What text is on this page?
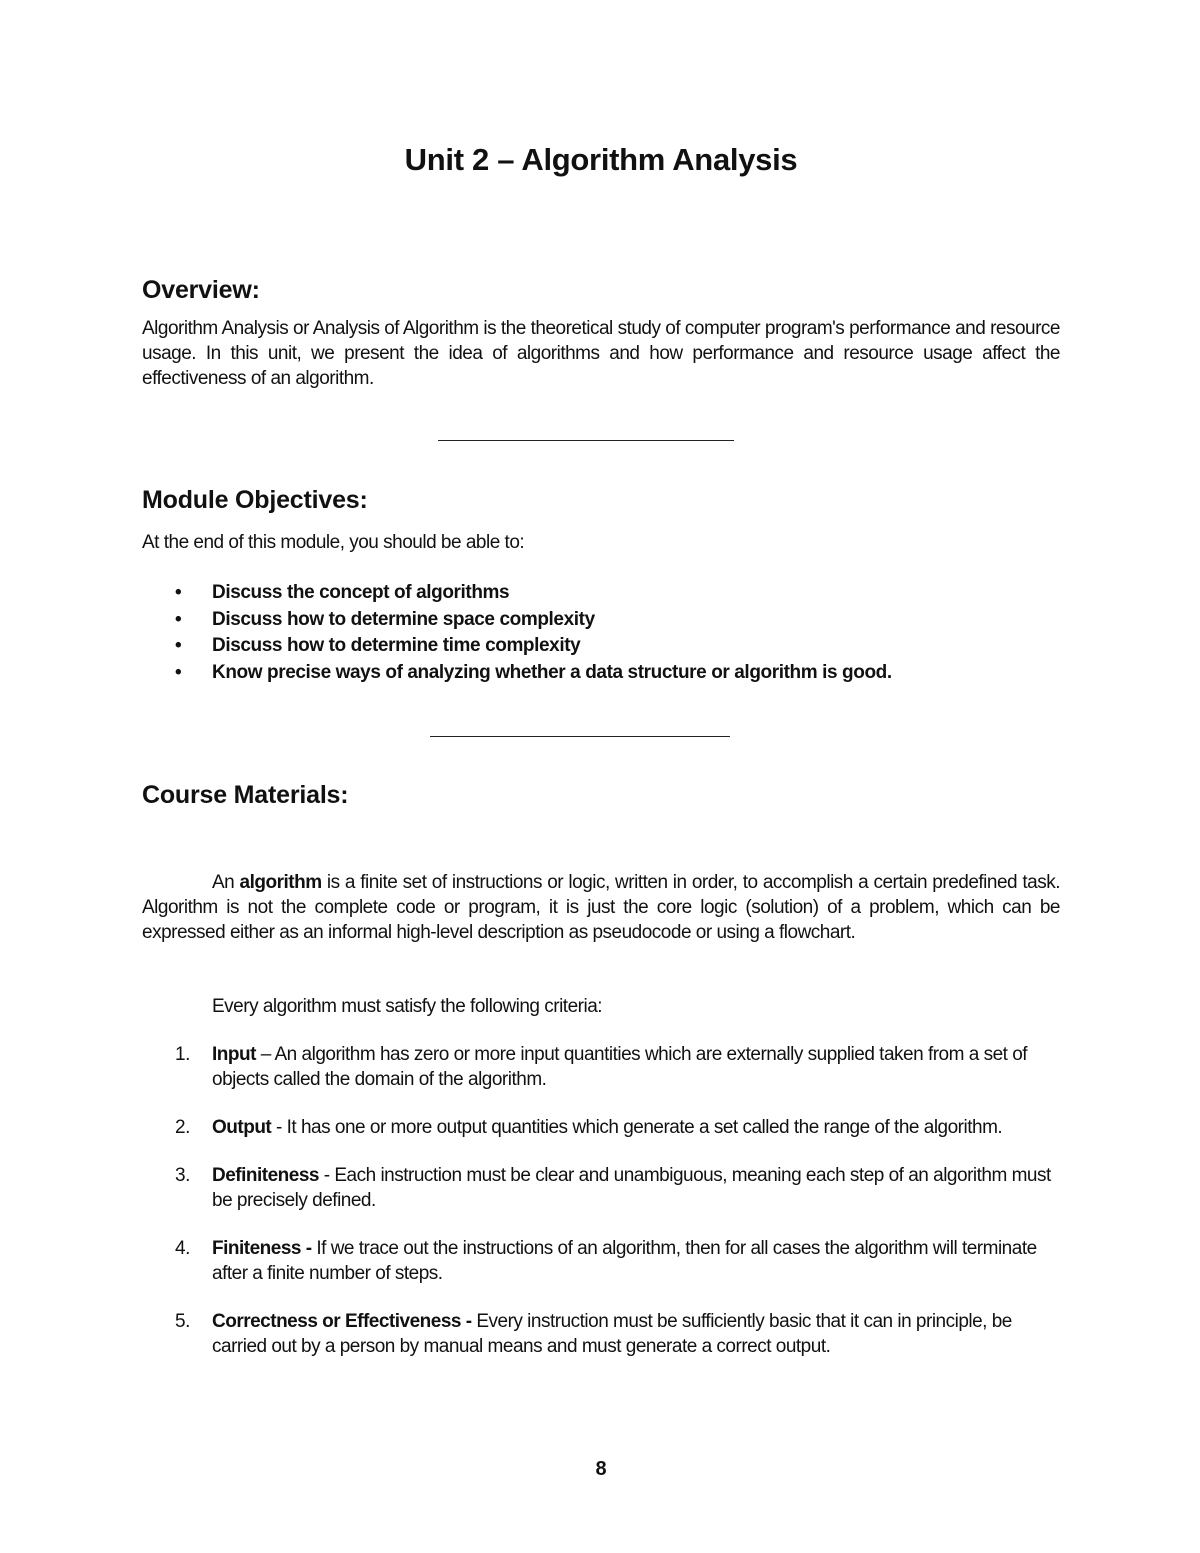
Unit 2 – Algorithm Analysis
Overview:
Algorithm Analysis or Analysis of Algorithm is the theoretical study of computer program's performance and resource usage. In this unit, we present the idea of algorithms and how performance and resource usage affect the effectiveness of an algorithm.
Module Objectives:
At the end of this module, you should be able to:
• Discuss the concept of algorithms
• Discuss how to determine space complexity
• Discuss how to determine time complexity
• Know precise ways of analyzing whether a data structure or algorithm is good.
Course Materials:
An algorithm is a finite set of instructions or logic, written in order, to accomplish a certain predefined task. Algorithm is not the complete code or program, it is just the core logic (solution) of a problem, which can be expressed either as an informal high-level description as pseudocode or using a flowchart.
Every algorithm must satisfy the following criteria:
1. Input – An algorithm has zero or more input quantities which are externally supplied taken from a set of objects called the domain of the algorithm.
2. Output - It has one or more output quantities which generate a set called the range of the algorithm.
3. Definiteness - Each instruction must be clear and unambiguous, meaning each step of an algorithm must be precisely defined.
4. Finiteness - If we trace out the instructions of an algorithm, then for all cases the algorithm will terminate after a finite number of steps.
5. Correctness or Effectiveness - Every instruction must be sufficiently basic that it can in principle, be carried out by a person by manual means and must generate a correct output.
8
